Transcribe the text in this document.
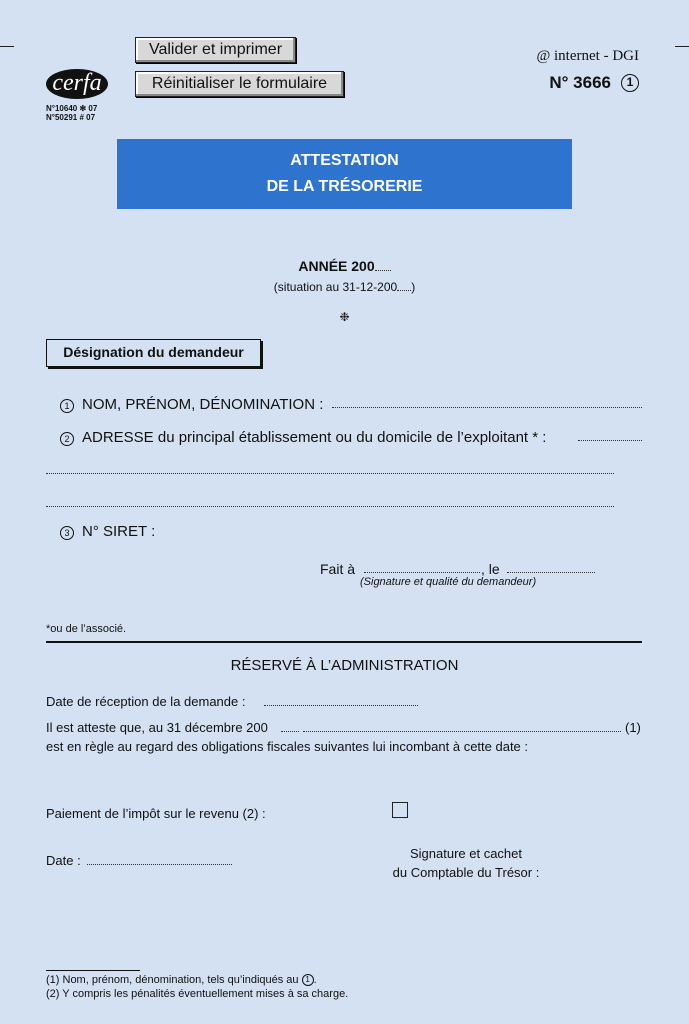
Valider et imprimer
Réinitialiser le formulaire
cerfa
N°10640 ✻ 07
N°50291 # 07
@ internet - DGI
N° 3666	1
ATTESTATION
DE LA TRÉSORERIE
ANNÉE 200
(situation au 31-12-200 )
❉
Désignation du demandeur
1 NOM, PRÉNOM, DÉNOMINATION :
2 ADRESSE du principal établissement ou du domicile de l’exploitant * :
3 N° SIRET :
Fait à	, le
(Signature et qualité du demandeur)
*ou de l’associé.
RÉSERVÉ À L’ADMINISTRATION
Date de réception de la demande :
Il est atteste que, au 31 décembre 200	(1)
est en règle au regard des obligations fiscales suivantes lui incombant à cette date :
Paiement de l’impôt sur le revenu (2) :
Date :	Signature et cachet
du Comptable du Trésor :
(1) Nom, prénom, dénomination, tels qu’indiqués au 1 .
(2) Y compris les pénalités éventuellement mises à sa charge.
